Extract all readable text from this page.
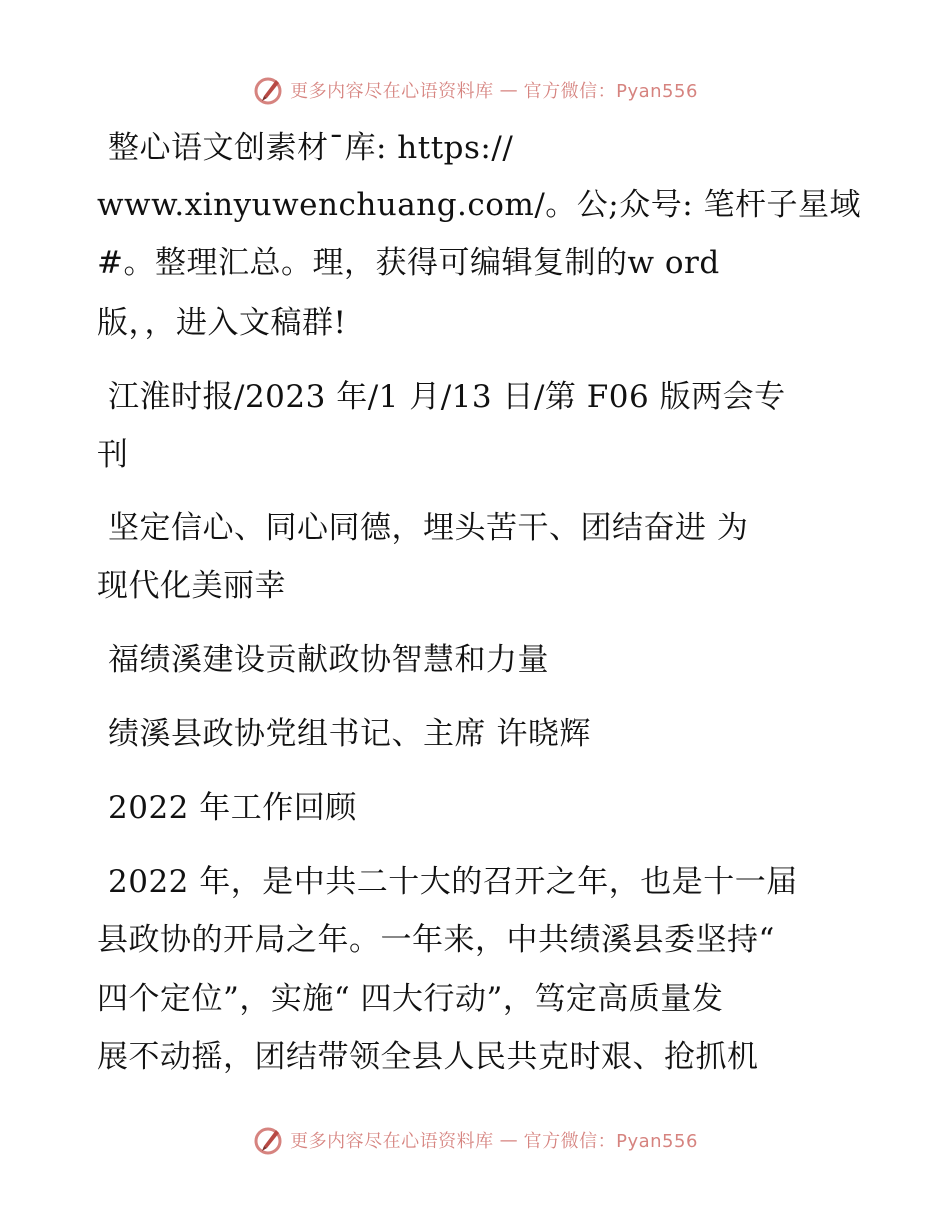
更多内容尽在心语资料库 — 官方微信：Pyan556
整心语文创素材¯库: https://
www.xinyuwenchuang.com/。公;众号: 笔杆子星域
#。整理汇总。理，获得可编辑复制的w ord
版，，进入文稿群!
江淮时报/2023 年/1 月/13 日/第 F06 版两会专
刊
坚定信心、同心同德，埋头苦干、团结奋进 为
现代化美丽幸
福绩溪建设贡献政协智慧和力量
绩溪县政协党组书记、主席 许晓辉
2022 年工作回顾
2022 年，是中共二十大的召开之年，也是十一届
县政协的开局之年。一年来，中共绩溪县委坚持“
四个定位”，实施“ 四大行动”，笃定高质量发
展不动摇，团结带领全县人民共克时艰、抢抓机
更多内容尽在心语资料库 — 官方微信：Pyan556
